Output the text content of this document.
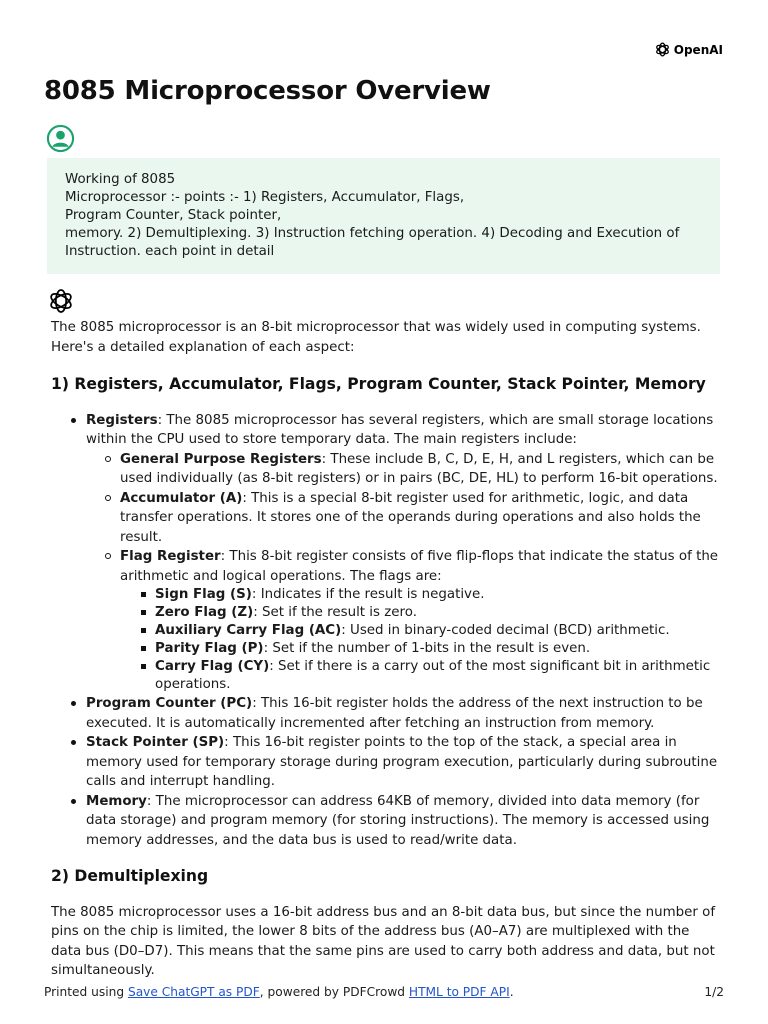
OpenAI
8085 Microprocessor Overview
Working of 8085
Microprocessor :- points :- 1) Registers, Accumulator, Flags,
Program Counter, Stack pointer,
memory. 2) Demultiplexing. 3) Instruction fetching operation. 4) Decoding and Execution of
Instruction. each point in detail

The 8085 microprocessor is an 8-bit microprocessor that was widely used in computing systems. Here's a detailed explanation of each aspect:

1) Registers, Accumulator, Flags, Program Counter, Stack Pointer, Memory
Registers: The 8085 microprocessor has several registers, which are small storage locations within the CPU used to store temporary data. The main registers include:
General Purpose Registers: These include B, C, D, E, H, and L registers, which can be used individually (as 8-bit registers) or in pairs (BC, DE, HL) to perform 16-bit operations.
Accumulator (A): This is a special 8-bit register used for arithmetic, logic, and data transfer operations. It stores one of the operands during operations and also holds the result.
Flag Register: This 8-bit register consists of five flip-flops that indicate the status of the arithmetic and logical operations. The flags are:
Sign Flag (S): Indicates if the result is negative.
Zero Flag (Z): Set if the result is zero.
Auxiliary Carry Flag (AC): Used in binary-coded decimal (BCD) arithmetic.
Parity Flag (P): Set if the number of 1-bits in the result is even.
Carry Flag (CY): Set if there is a carry out of the most significant bit in arithmetic operations.
Program Counter (PC): This 16-bit register holds the address of the next instruction to be executed. It is automatically incremented after fetching an instruction from memory.
Stack Pointer (SP): This 16-bit register points to the top of the stack, a special area in memory used for temporary storage during program execution, particularly during subroutine calls and interrupt handling.
Memory: The microprocessor can address 64KB of memory, divided into data memory (for data storage) and program memory (for storing instructions). The memory is accessed using memory addresses, and the data bus is used to read/write data.
2) Demultiplexing

The 8085 microprocessor uses a 16-bit address bus and an 8-bit data bus, but since the number of pins on the chip is limited, the lower 8 bits of the address bus (A0–A7) are multiplexed with the data bus (D0–D7). This means that the same pins are used to carry both address and data, but not simultaneously.

Printed using Save ChatGPT as PDF, powered by PDFCrowd HTML to PDF API.	1/2
